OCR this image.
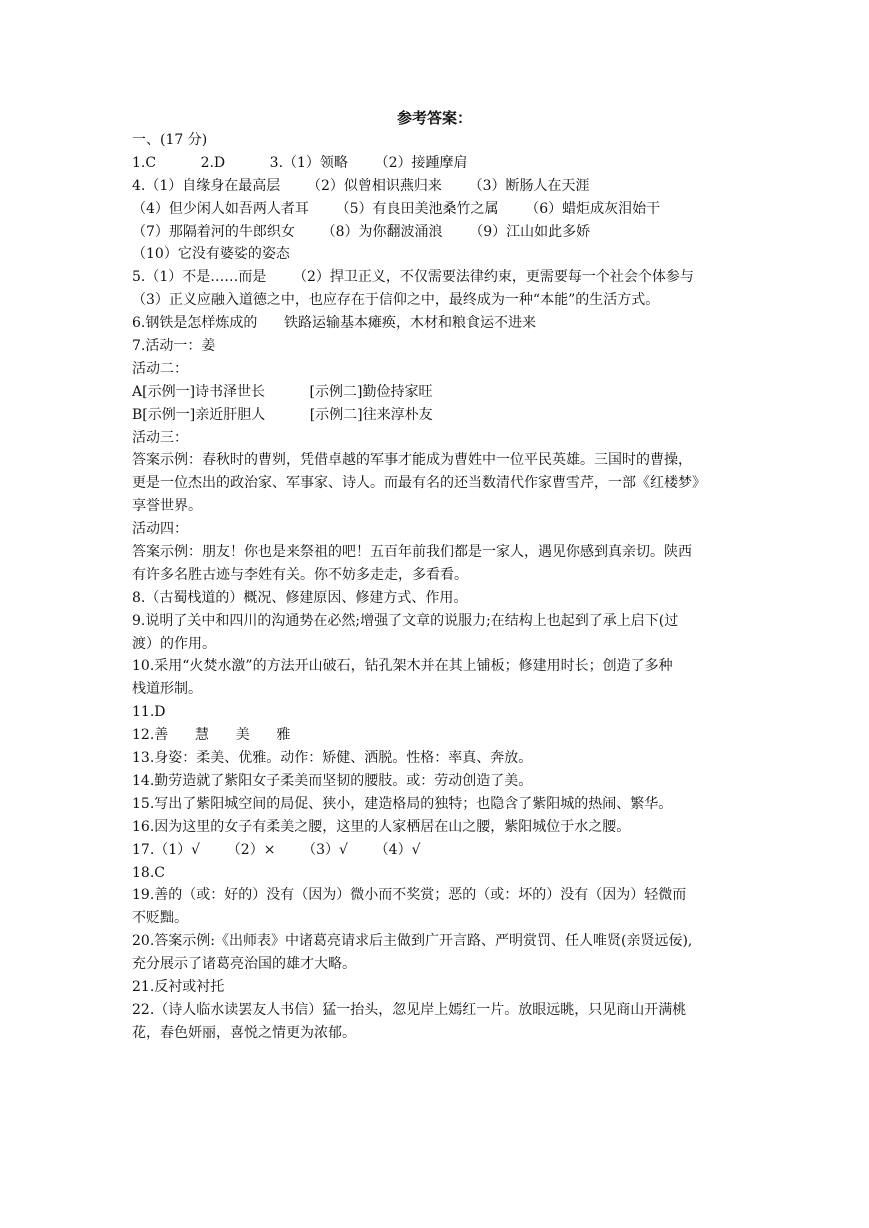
参考答案：
一、(17 分)
1.C          2.D          3.（1）领略      （2）接踵摩肩
4.（1）自缘身在最高层      （2）似曾相识燕归来      （3）断肠人在天涯
（4）但少闲人如吾两人者耳      （5）有良田美池桑竹之属      （6）蜡炬成灰泪始干
（7）那隔着河的牛郎织女      （8）为你翻波涌浪      （9）江山如此多娇
（10）它没有婆娑的姿态
5.（1）不是……而是      （2）捍卫正义，不仅需要法律约束，更需要每一个社会个体参与
（3）正义应融入道德之中，也应存在于信仰之中，最终成为一种“本能”的生活方式。
6.钢铁是怎样炼成的      铁路运输基本瘫痪，木材和粮食运不进来
7.活动一：姜
活动二：
A[示例一]诗书泽世长          [示例二]勤俭持家旺
B[示例一]亲近肝胆人          [示例二]往来淳朴友
活动三：
答案示例：春秋时的曹刿，凭借卓越的军事才能成为曹姓中一位平民英雄。三国时的曹操，
更是一位杰出的政治家、军事家、诗人。而最有名的还当数清代作家曹雪芹，一部《红楼梦》
享誉世界。
活动四：
答案示例：朋友！你也是来祭祖的吧！五百年前我们都是一家人，遇见你感到真亲切。陕西
有许多名胜古迹与李姓有关。你不妨多走走，多看看。
8.（古蜀栈道的）概况、修建原因、修建方式、作用。
9.说明了关中和四川的沟通势在必然;增强了文章的说服力;在结构上也起到了承上启下(过
渡）的作用。
10.采用“火焚水激”的方法开山破石，钻孔架木并在其上铺板；修建用时长；创造了多种
栈道形制。
11.D
12.善      慧      美      雅
13.身姿：柔美、优雅。动作：矫健、洒脱。性格：率真、奔放。
14.勤劳造就了紫阳女子柔美而坚韧的腰肢。或：劳动创造了美。
15.写出了紫阳城空间的局促、狭小，建造格局的独特；也隐含了紫阳城的热闹、繁华。
16.因为这里的女子有柔美之腰，这里的人家栖居在山之腰，紫阳城位于水之腰。
17.（1）√      （2）×      （3）√      （4）√
18.C
19.善的（或：好的）没有（因为）微小而不奖赏；恶的（或：坏的）没有（因为）轻微而
不贬黜。
20.答案示例:《出师表》中诸葛亮请求后主做到广开言路、严明赏罚、任人唯贤(亲贤远佞),
充分展示了诸葛亮治国的雄才大略。
21.反衬或衬托
22.（诗人临水读罢友人书信）猛一抬头，忽见岸上嫣红一片。放眼远眺，只见商山开满桃
花，春色妍丽，喜悦之情更为浓郁。
